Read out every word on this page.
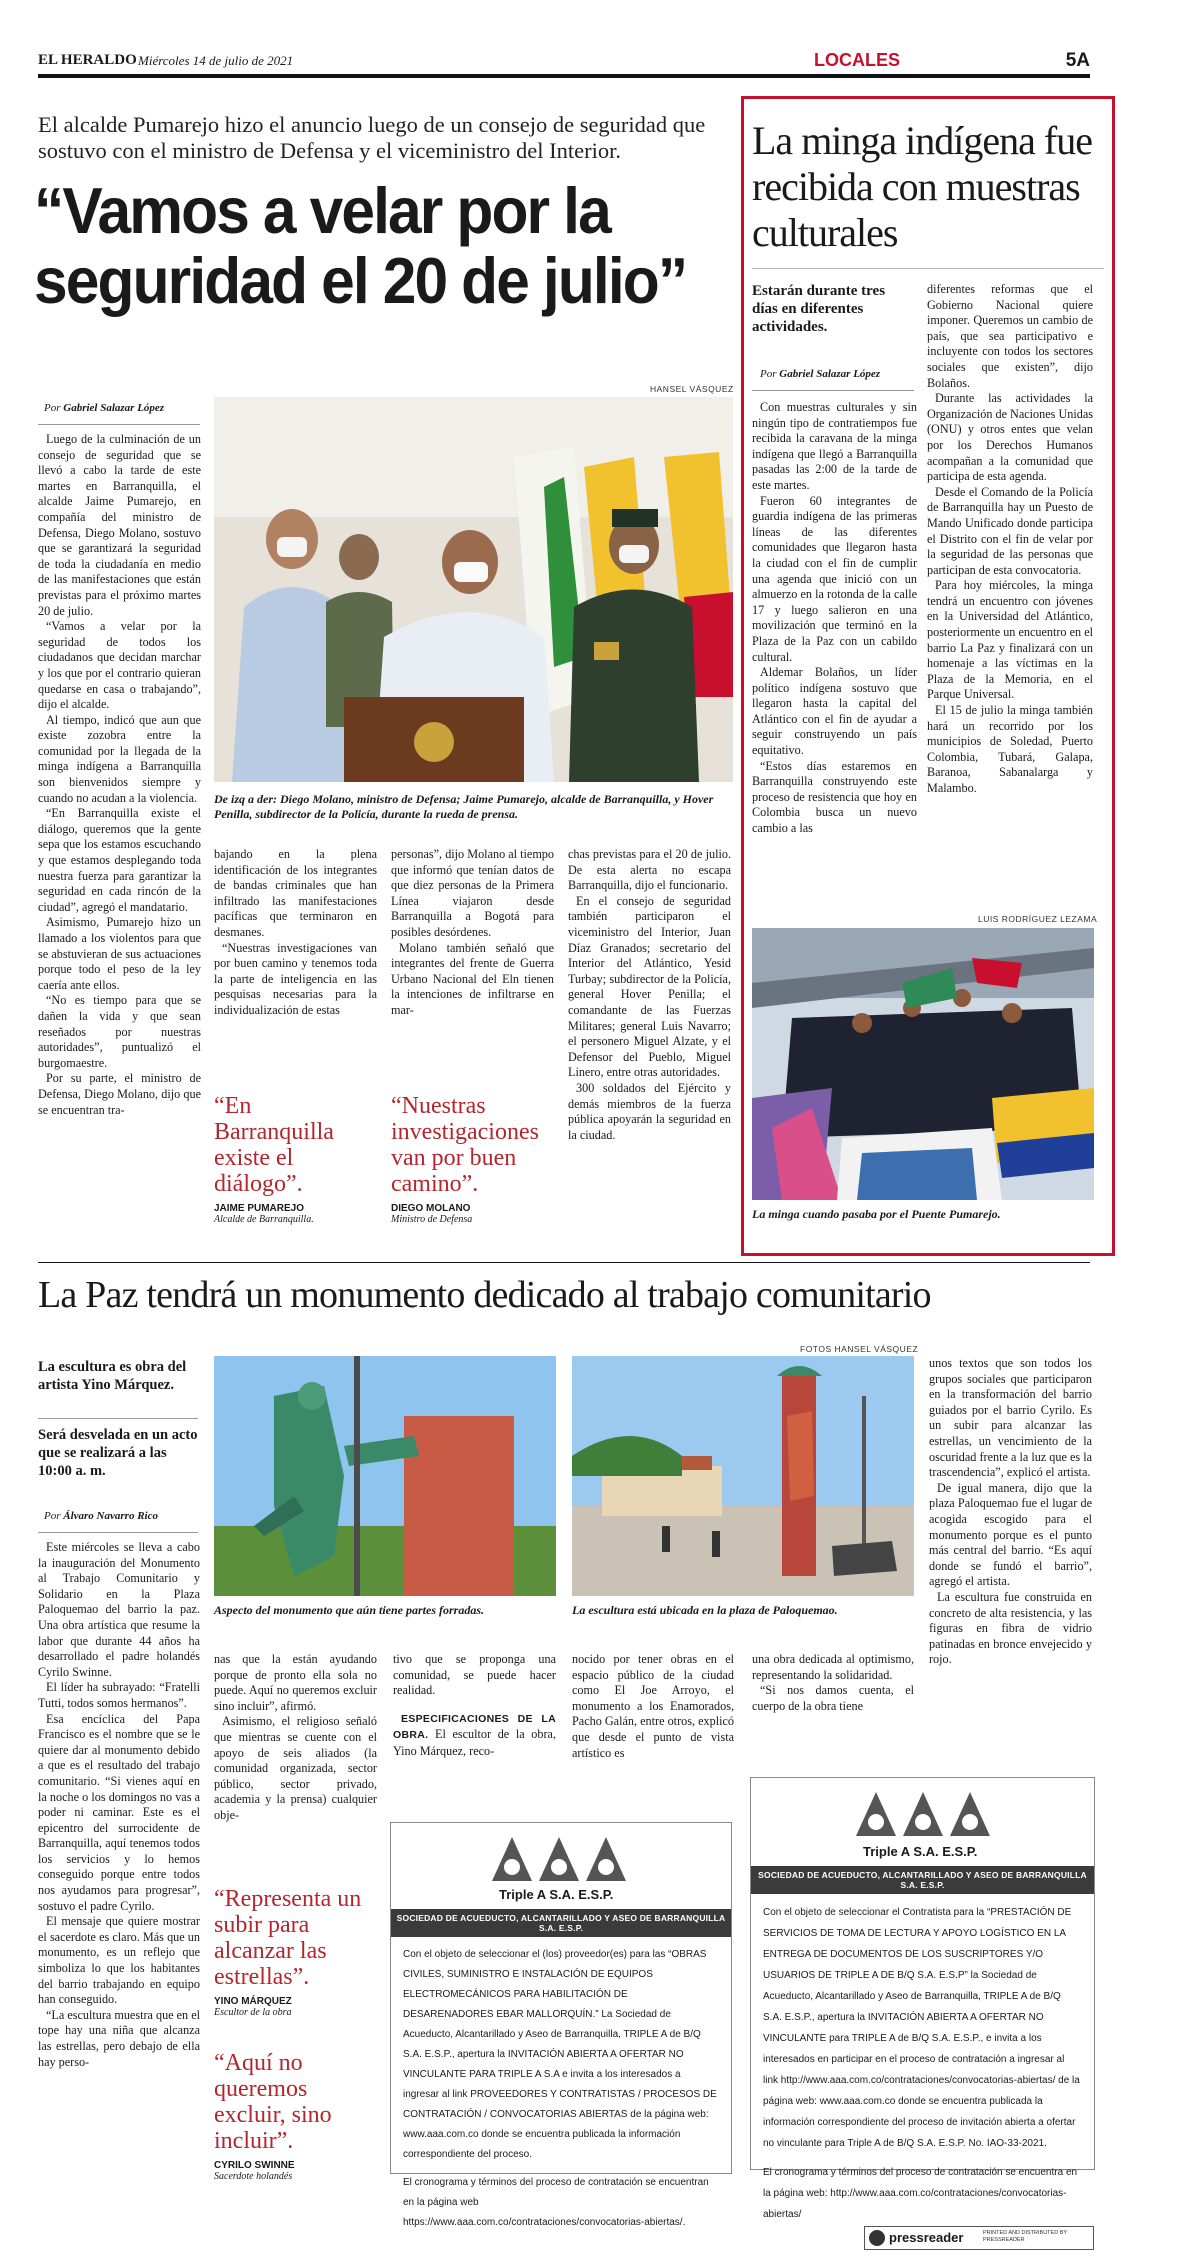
EL HERALDO Miércoles 14 de julio de 2021	LOCALES	5A
El alcalde Pumarejo hizo el anuncio luego de un consejo de seguridad que sostuvo con el ministro de Defensa y el viceministro del Interior.
“Vamos a velar por la
seguridad el 20 de julio”
HANSEL VÁSQUEZ
De izq a der: Diego Molano, ministro de Defensa; Jaime Pumarejo, alcalde de Barranquilla, y Hover Penilla, subdirector de la Policía, durante la rueda de prensa.
Por Gabriel Salazar López

Luego de la culminación de un consejo de seguridad que se llevó a cabo la tarde de este martes en Barranquilla, el alcalde Jaime Pumarejo, en compañía del ministro de Defensa, Diego Molano, sostuvo que se garantizará la seguridad de toda la ciudadanía en medio de las manifestaciones que están previstas para el próximo martes 20 de julio.

“Vamos a velar por la seguridad de todos los ciudadanos que decidan marchar y los que por el contrario quieran quedarse en casa o trabajando”, dijo el alcalde.

Al tiempo, indicó que aun que existe zozobra entre la comunidad por la llegada de la minga indígena a Barranquilla son bienvenidos siempre y cuando no acudan a la violencia.

“En Barranquilla existe el diálogo, queremos que la gente sepa que los estamos escuchando y que estamos desplegando toda nuestra fuerza para garantizar la seguridad en cada rincón de la ciudad”, agregó el mandatario.

Asimismo, Pumarejo hizo un llamado a los violentos para que se abstuvieran de sus actuaciones porque todo el peso de la ley caería ante ellos.

“No es tiempo para que se dañen la vida y que sean reseñados por nuestras autoridades”, puntualizó el burgomaestre.

Por su parte, el ministro de Defensa, Diego Molano, dijo que se encuentran tra-

bajando en la plena identificación de los integrantes de bandas criminales que han infiltrado las manifestaciones pacíficas que terminaron en desmanes.

“Nuestras investigaciones van por buen camino y tenemos toda la parte de inteligencia en las pesquisas necesarias para la individualización de estas

personas”, dijo Molano al tiempo que informó que tenían datos de que diez personas de la Primera Línea viajaron desde Barranquilla a Bogotá para posibles desórdenes.

Molano también señaló que integrantes del frente de Guerra Urbano Nacional del Eln tienen la intenciones de infiltrarse en mar-

chas previstas para el 20 de julio. De esta alerta no escapa Barranquilla, dijo el funcionario.

En el consejo de seguridad también participaron el viceministro del Interior, Juan Díaz Granados; secretario del Interior del Atlántico, Yesid Turbay; subdirector de la Policía, general Hover Penilla; el comandante de las Fuerzas Militares; general Luis Navarro; el personero Miguel Alzate, y el Defensor del Pueblo, Miguel Linero, entre otras autoridades.

300 soldados del Ejército y demás miembros de la fuerza pública apoyarán la seguridad en la ciudad.

“En Barranquilla existe el diálogo”.
JAIME PUMAREJO
Alcalde de Barranquilla.
“Nuestras investigaciones van por buen camino”.
DIEGO MOLANO
Ministro de Defensa
La minga indígena fue recibida con muestras culturales
Estarán durante tres días en diferentes actividades.
Por Gabriel Salazar López

Con muestras culturales y sin ningún tipo de contratiempos fue recibida la caravana de la minga indígena que llegó a Barranquilla pasadas las 2:00 de la tarde de este martes.

Fueron 60 integrantes de guardia indígena de las primeras líneas de las diferentes comunidades que llegaron hasta la ciudad con el fin de cumplir una agenda que inició con un almuerzo en la rotonda de la calle 17 y luego salieron en una movilización que terminó en la Plaza de la Paz con un cabildo cultural.

Aldemar Bolaños, un líder político indígena sostuvo que llegaron hasta la capital del Atlántico con el fin de ayudar a seguir construyendo un país equitativo.

“Estos días estaremos en Barranquilla construyendo este proceso de resistencia que hoy en Colombia busca un nuevo cambio a las

diferentes reformas que el Gobierno Nacional quiere imponer. Queremos un cambio de país, que sea participativo e incluyente con todos los sectores sociales que existen”, dijo Bolaños.

Durante las actividades la Organización de Naciones Unidas (ONU) y otros entes que velan por los Derechos Humanos acompañan a la comunidad que participa de esta agenda.

Desde el Comando de la Policía de Barranquilla hay un Puesto de Mando Unificado donde participa el Distrito con el fin de velar por la seguridad de las personas que participan de esta convocatoria.

Para hoy miércoles, la minga tendrá un encuentro con jóvenes en la Universidad del Atlántico, posteriormente un encuentro en el barrio La Paz y finalizará con un homenaje a las víctimas en la Plaza de la Memoria, en el Parque Universal.

El 15 de julio la minga también hará un recorrido por los municipios de Soledad, Puerto Colombia, Tubará, Galapa, Baranoa, Sabanalarga y Malambo.

LUIS RODRÍGUEZ LEZAMA
La minga cuando pasaba por el Puente Pumarejo.
La Paz tendrá un monumento dedicado al trabajo comunitario
FOTOS HANSEL VÁSQUEZ
La escultura es obra del artista Yino Márquez.
Será desvelada en un acto que se realizará a las 10:00 a. m.
Por Álvaro Navarro Rico
Aspecto del monumento que aún tiene partes forradas.	La escultura está ubicada en la plaza de Paloquemao.

Este miércoles se lleva a cabo la inauguración del Monumento al Trabajo Comunitario y Solidario en la Plaza Paloquemao del barrio la paz. Una obra artística que resume la labor que durante 44 años ha desarrollado el padre holandés Cyrilo Swinne.

El líder ha subrayado: “Fratelli Tutti, todos somos hermanos”.

Esa encíclica del Papa Francisco es el nombre que se le quiere dar al monumento debido a que es el resultado del trabajo comunitario. “Si vienes aquí en la noche o los domingos no vas a poder ni caminar. Este es el epicentro del surrocidente de Barranquilla, aquí tenemos todos los servicios y lo hemos conseguido porque entre todos nos ayudamos para progresar”, sostuvo el padre Cyrilo.

El mensaje que quiere mostrar el sacerdote es claro. Más que un monumento, es un reflejo que simboliza lo que los habitantes del barrio trabajando en equipo han conseguido.

“La escultura muestra que en el tope hay una niña que alcanza las estrellas, pero debajo de ella hay perso-

nas que la están ayudando porque de pronto ella sola no puede. Aquí no queremos excluir sino incluir”, afirmó.

Asimismo, el religioso señaló que mientras se cuente con el apoyo de seis aliados (la comunidad organizada, sector público, sector privado, academia y la prensa) cualquier obje-

tivo que se proponga una comunidad, se puede hacer realidad.

ESPECIFICACIONES DE LA OBRA. El escultor de la obra, Yino Márquez, reco-

nocido por tener obras en el espacio público de la ciudad como El Joe Arroyo, el monumento a los Enamorados, Pacho Galán, entre otros, explicó que desde el punto de vista artístico es

una obra dedicada al optimismo, representando la solidaridad.

“Si nos damos cuenta, el cuerpo de la obra tiene

unos textos que son todos los grupos sociales que participaron en la transformación del barrio guiados por el barrio Cyrilo. Es un subir para alcanzar las estrellas, un vencimiento de la oscuridad frente a la luz que es la trascendencia”, explicó el artista.

De igual manera, dijo que la plaza Paloquemao fue el lugar de acogida escogido para el monumento porque es el punto más central del barrio. “Es aquí donde se fundó el barrio”, agregó el artista.

La escultura fue construida en concreto de alta resistencia, y las figuras en fibra de vidrio patinadas en bronce envejecido y rojo.

“Representa un subir para alcanzar las estrellas”.
YINO MÁRQUEZ
Escultor de la obra
“Aquí no queremos excluir, sino incluir”.
CYRILO SWINNE
Sacerdote holandés
Triple A S.A. E.S.P.
SOCIEDAD DE ACUEDUCTO, ALCANTARILLADO Y ASEO DE BARRANQUILLA S.A. E.S.P.
Con el objeto de seleccionar el (los) proveedor(es) para las “OBRAS CIVILES, SUMINISTRO E INSTALACIÓN DE EQUIPOS ELECTROMECÁNICOS PARA HABILITACIÓN DE DESARENADORES EBAR MALLORQUÍN.” La Sociedad de Acueducto, Alcantarillado y Aseo de Barranquilla, TRIPLE A de B/Q S.A. E.S.P., apertura la INVITACIÓN ABIERTA A OFERTAR NO VINCULANTE PARA TRIPLE A S.A e invita a los interesados a ingresar al link PROVEEDORES Y CONTRATISTAS / PROCESOS DE CONTRATACIÓN / CONVOCATORIAS ABIERTAS de la página web: www.aaa.com.co donde se encuentra publicada la información correspondiente del proceso.
El cronograma y términos del proceso de contratación se encuentran en la página web https://www.aaa.com.co/contrataciones/convocatorias-abiertas/.
Triple A S.A. E.S.P.
SOCIEDAD DE ACUEDUCTO, ALCANTARILLADO Y ASEO DE BARRANQUILLA S.A. E.S.P.
Con el objeto de seleccionar el Contratista para la “PRESTACIÓN DE SERVICIOS DE TOMA DE LECTURA Y APOYO LOGÍSTICO EN LA ENTREGA DE DOCUMENTOS DE LOS SUSCRIPTORES Y/O USUARIOS DE TRIPLE A DE B/Q S.A. E.S.P” la Sociedad de Acueducto, Alcantarillado y Aseo de Barranquilla, TRIPLE A de B/Q S.A. E.S.P., apertura la INVITACIÓN ABIERTA A OFERTAR NO VINCULANTE para TRIPLE A de B/Q S.A. E.S.P., e invita a los interesados en participar en el proceso de contratación a ingresar al link http://www.aaa.com.co/contrataciones/convocatorias-abiertas/ de la página web: www.aaa.com.co donde se encuentra publicada la información correspondiente del proceso de invitación abierta a ofertar no vinculante para Triple A de B/Q S.A. E.S.P. No. IAO-33-2021.
El cronograma y términos del proceso de contratación se encuentra en la página web: http://www.aaa.com.co/contrataciones/convocatorias-abiertas/
pressreader	PRINTED AND DISTRIBUTED BY PRESSREADER
